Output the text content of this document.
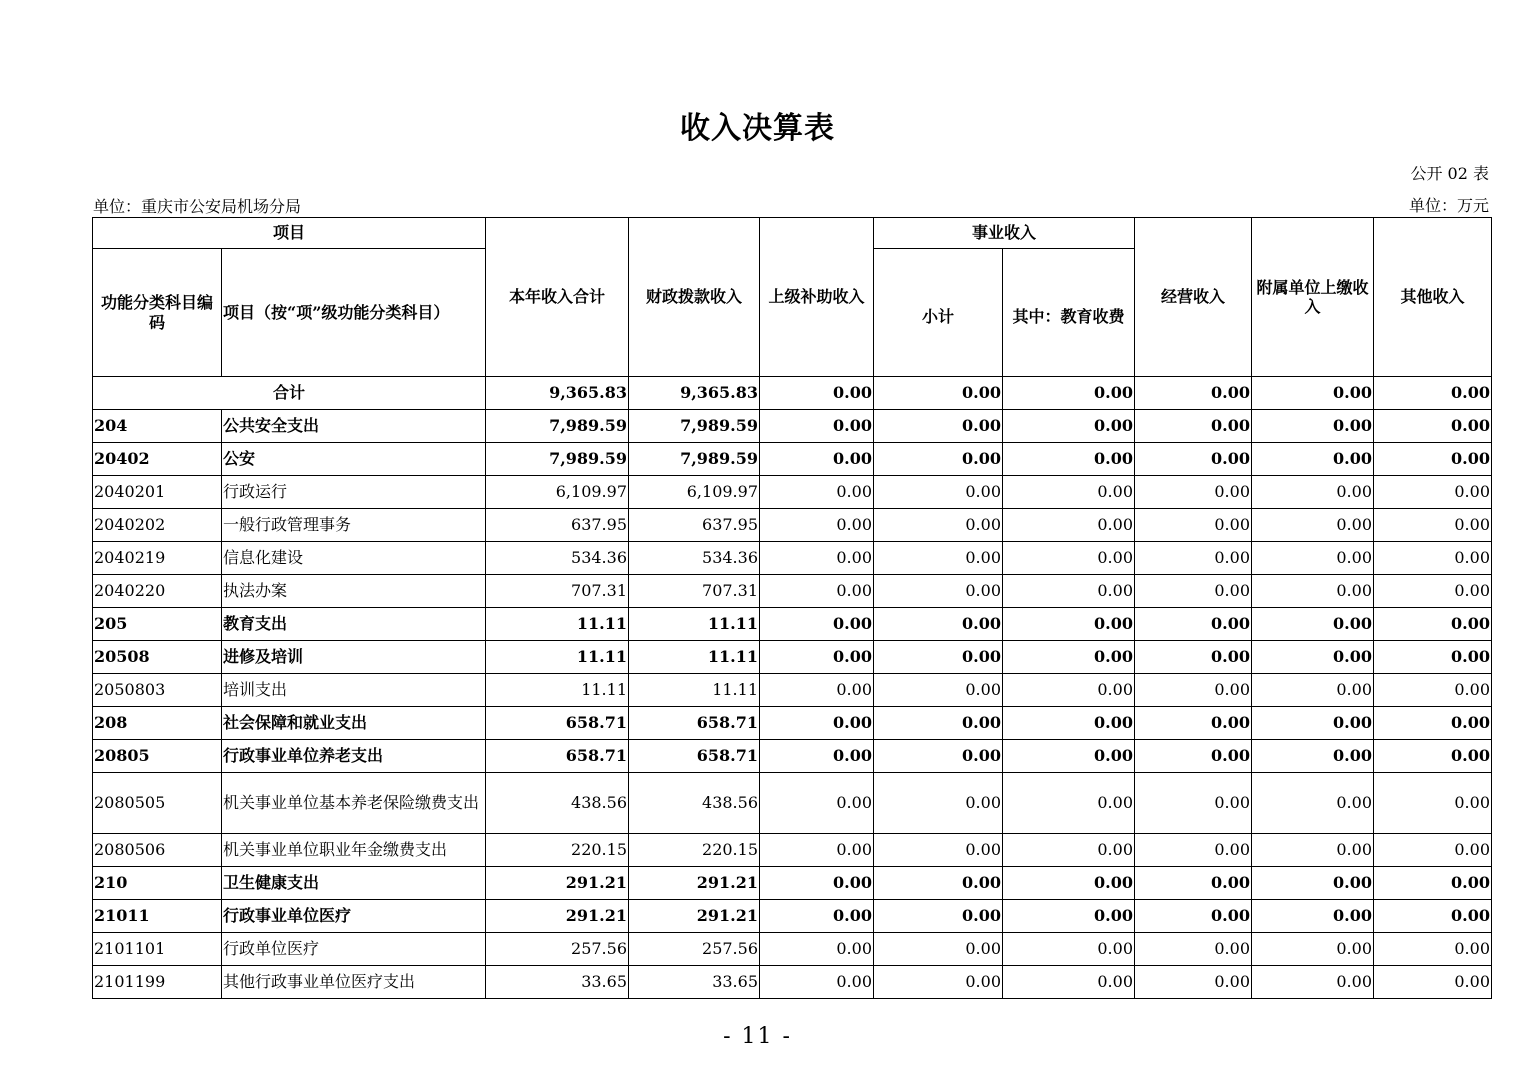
收入决算表
公开 02 表
单位：重庆市公安局机场分局	单位：万元
项目		本年收入合计	财政拨款收入	上级补助收入	事业收入		经营收入	附属单位上缴收入	其他收入
功能分类科目编码	项目（按“项”级功能分类科目）				小计	其中：教育收费			
合计		9,365.83	9,365.83	0.00	0.00	0.00	0.00	0.00	0.00
204	公共安全支出	7,989.59	7,989.59	0.00	0.00	0.00	0.00	0.00	0.00
20402	公安	7,989.59	7,989.59	0.00	0.00	0.00	0.00	0.00	0.00
2040201	行政运行	6,109.97	6,109.97	0.00	0.00	0.00	0.00	0.00	0.00
2040202	一般行政管理事务	637.95	637.95	0.00	0.00	0.00	0.00	0.00	0.00
2040219	信息化建设	534.36	534.36	0.00	0.00	0.00	0.00	0.00	0.00
2040220	执法办案	707.31	707.31	0.00	0.00	0.00	0.00	0.00	0.00
205	教育支出	11.11	11.11	0.00	0.00	0.00	0.00	0.00	0.00
20508	进修及培训	11.11	11.11	0.00	0.00	0.00	0.00	0.00	0.00
2050803	培训支出	11.11	11.11	0.00	0.00	0.00	0.00	0.00	0.00
208	社会保障和就业支出	658.71	658.71	0.00	0.00	0.00	0.00	0.00	0.00
20805	行政事业单位养老支出	658.71	658.71	0.00	0.00	0.00	0.00	0.00	0.00
2080505	机关事业单位基本养老保险缴费支出	438.56	438.56	0.00	0.00	0.00	0.00	0.00	0.00
2080506	机关事业单位职业年金缴费支出	220.15	220.15	0.00	0.00	0.00	0.00	0.00	0.00
210	卫生健康支出	291.21	291.21	0.00	0.00	0.00	0.00	0.00	0.00
21011	行政事业单位医疗	291.21	291.21	0.00	0.00	0.00	0.00	0.00	0.00
2101101	行政单位医疗	257.56	257.56	0.00	0.00	0.00	0.00	0.00	0.00
2101199	其他行政事业单位医疗支出	33.65	33.65	0.00	0.00	0.00	0.00	0.00	0.00
- 11 -
